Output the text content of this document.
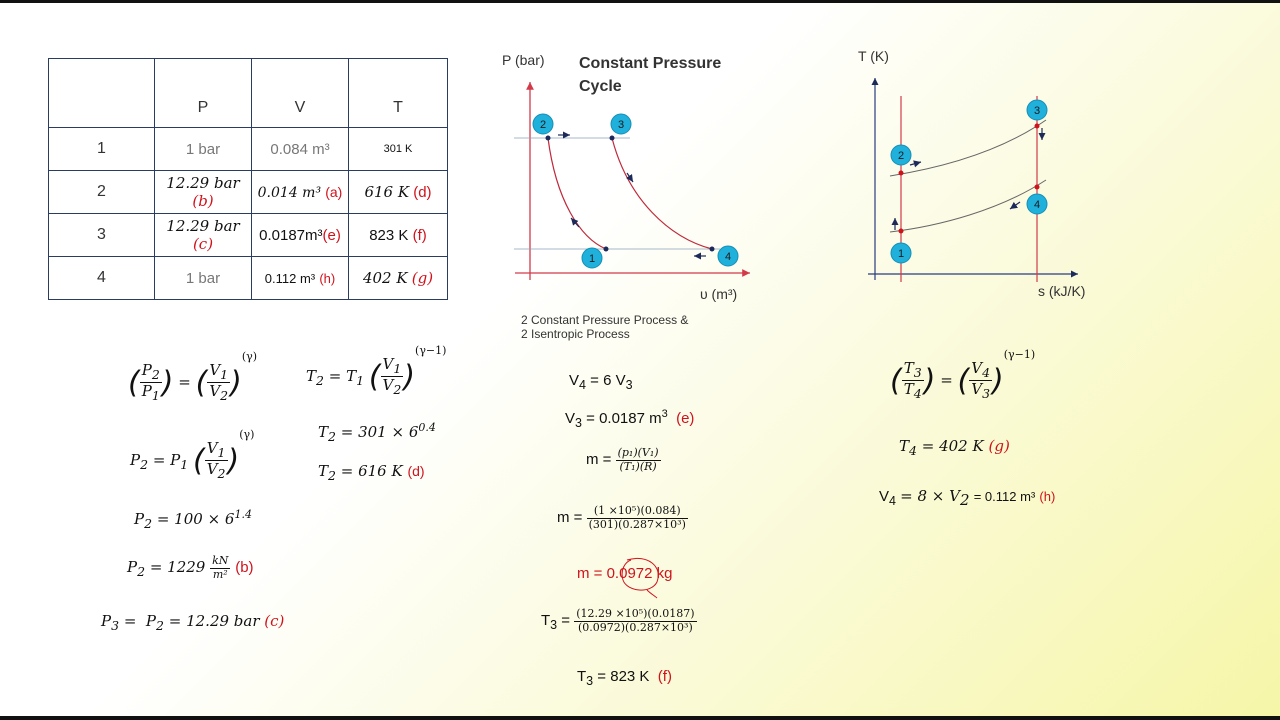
	P	V	T
1	1 bar	0.084 m³	301 K
2	12.29 bar (b)	0.014 m³ (a)	616 K (d)
3	12.29 bar (c)	0.0187m³(e)	823 K (f)
4	1 bar	0.112 m³ (h)	402 K (g)
P (bar) Constant Pressure
Cycle
υ (m³)
2 Constant Pressure Process &
2 Isentropic Process
2	3
1	4
T (K)
s (kJ/K)
3
2
4
1
( $\frac{P_2}{P_1}$ ) = ( $\frac{V_1}{V_2} )^{(\gamma)}$
$P_2 = P_1$ ( $\frac{V_1}{V_2} )^{(\gamma)}$
$P_2 = 100 \times 6^{1.4}$
$P_2 = 1229 \frac{kN}{\text{m²}} (b)$
$P_3 = P_2 = 12.29$ bar (c)
$T_2 = T_1$ ( $\frac{V_1}{V_2} )^{(\gamma-1)}$
$T_2 = 301 \times 6^{0.4}$
$T_2 = 616$ K (d)
$V_4 = 6$ $V_3$
$V_3 = 0.0187$ $m^3$ (e)
$m = \frac{\text{(p₁)(V₁)}}{\text{(T₁)(R)}}$
$m = \frac{\text{(1 ×10⁵)(0.084)}}{\text{(301)(0.287×10³)}}$
m = 0.0972 kg
$T_3 = \frac{\text{(12.29 ×10⁵)(0.0187)}}{\text{(0.0972)(0.287×10³)}}$
$T_3 = 823$ K (f)
( $\frac{T_3}{T_4}$ ) = ( $\frac{V_4}{V_3} )^{(\gamma-1)}$
$T_4 = 402$ K (g)
$V_4 = 8 \times V_2 = 0.112$ m³ (h)
